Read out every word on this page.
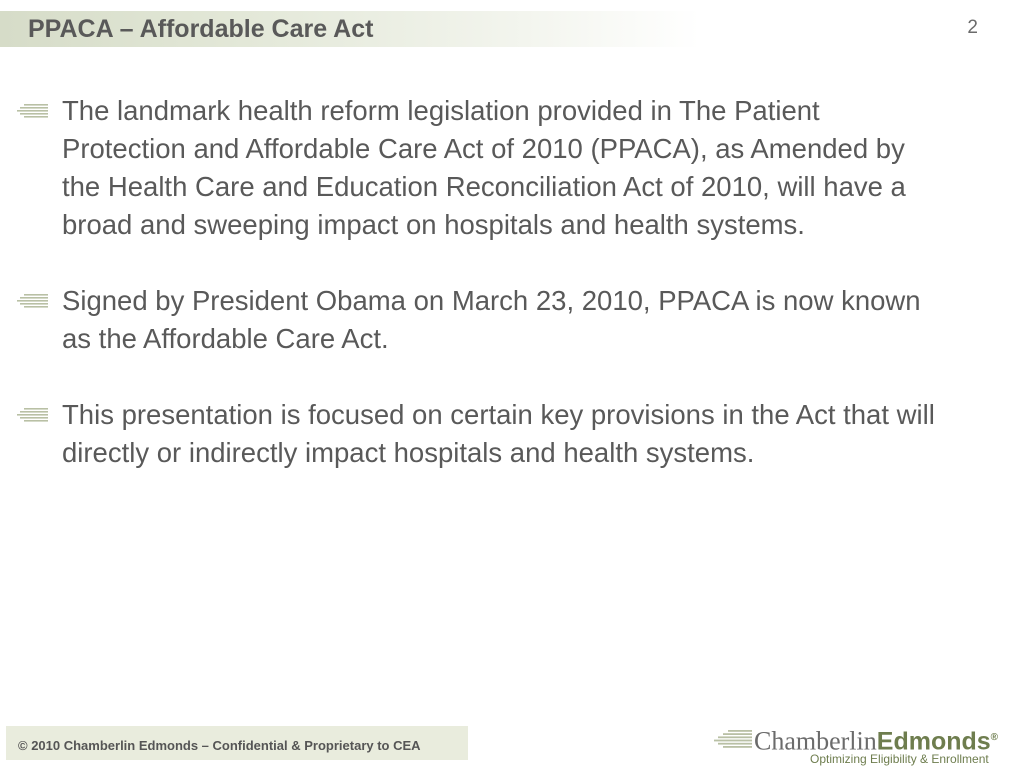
PPACA – Affordable Care Act	2
The landmark health reform legislation provided in The Patient Protection and Affordable Care Act of 2010 (PPACA), as Amended by the Health Care and Education Reconciliation Act of 2010, will have a broad and sweeping impact on hospitals and health systems.
Signed by President Obama on March 23, 2010, PPACA is now known as the Affordable Care Act.
This presentation is focused on certain key provisions in the Act that will directly or indirectly impact hospitals and health systems.
© 2010 Chamberlin Edmonds – Confidential & Proprietary to CEA	ChamberlinEdmonds®
Optimizing Eligibility & Enrollment
